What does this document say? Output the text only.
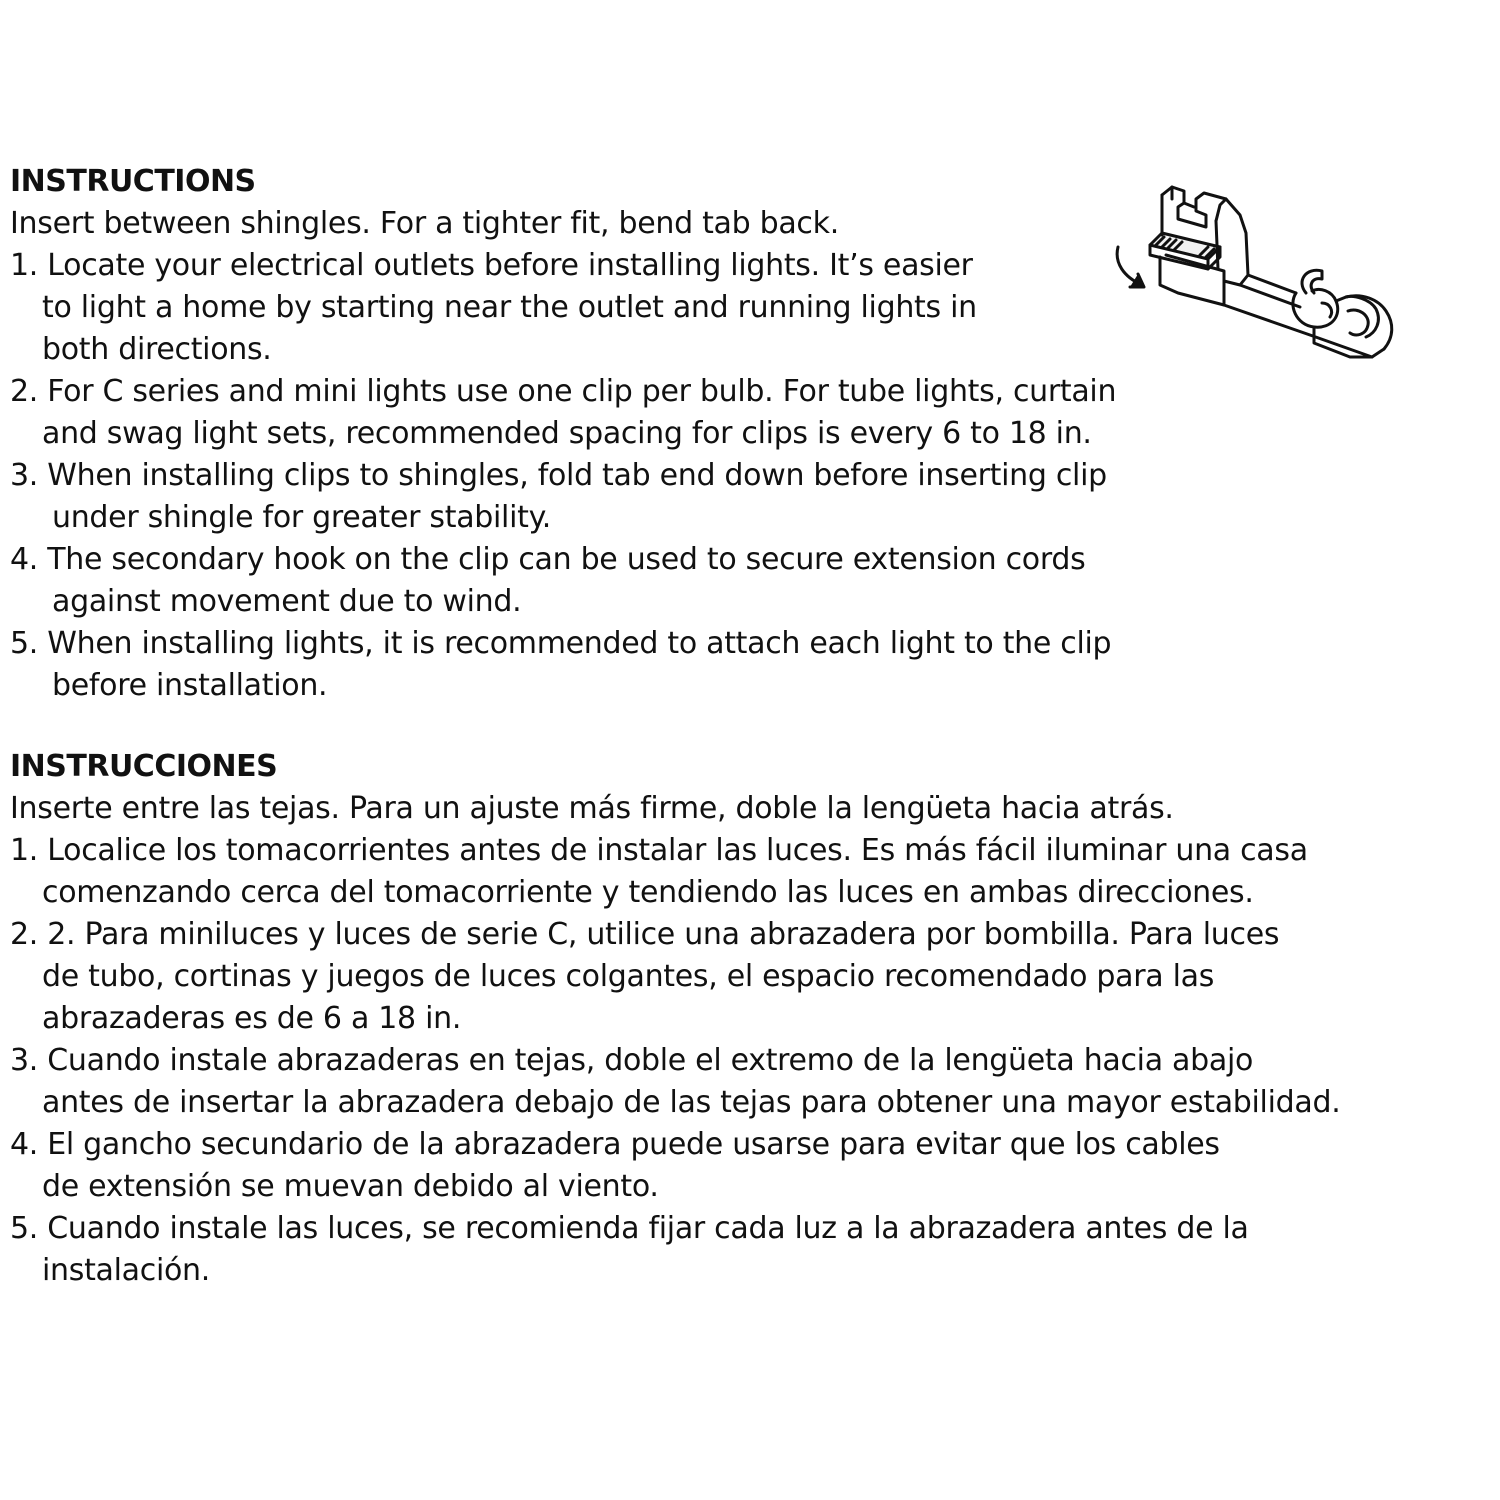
INSTRUCTIONS
Insert between shingles. For a tighter fit, bend tab back.
1. Locate your electrical outlets before installing lights. It’s easier
to light a home by starting near the outlet and running lights in
both directions.
2. For C series and mini lights use one clip per bulb. For tube lights, curtain
and swag light sets, recommended spacing for clips is every 6 to 18 in.
3. When installing clips to shingles, fold tab end down before inserting clip
under shingle for greater stability.
4. The secondary hook on the clip can be used to secure extension cords
against movement due to wind.
5. When installing lights, it is recommended to attach each light to the clip
before installation.
INSTRUCCIONES
Inserte entre las tejas. Para un ajuste más firme, doble la lengüeta hacia atrás.
1. Localice los tomacorrientes antes de instalar las luces. Es más fácil iluminar una casa
comenzando cerca del tomacorriente y tendiendo las luces en ambas direcciones.
2. 2. Para miniluces y luces de serie C, utilice una abrazadera por bombilla. Para luces
de tubo, cortinas y juegos de luces colgantes, el espacio recomendado para las
abrazaderas es de 6 a 18 in.
3. Cuando instale abrazaderas en tejas, doble el extremo de la lengüeta hacia abajo
antes de insertar la abrazadera debajo de las tejas para obtener una mayor estabilidad.
4. El gancho secundario de la abrazadera puede usarse para evitar que los cables
de extensión se muevan debido al viento.
5. Cuando instale las luces, se recomienda fijar cada luz a la abrazadera antes de la
instalación.
